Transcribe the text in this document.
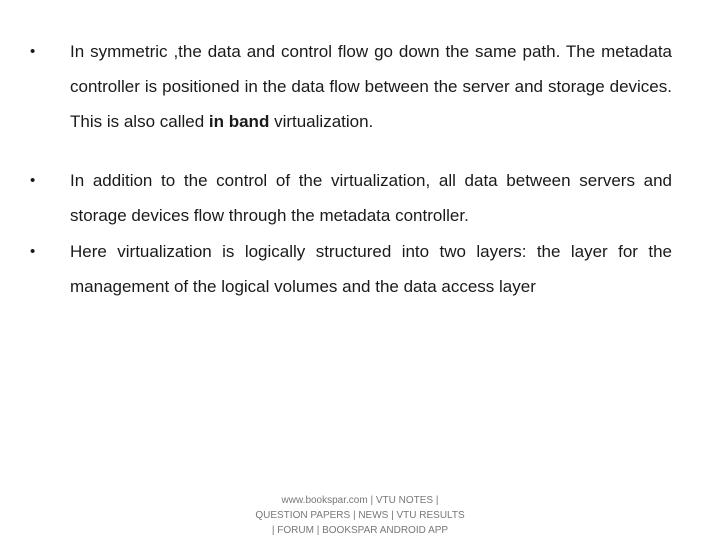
•	In symmetric ,the data and control flow go down the same path. The metadata controller is positioned in the data flow between the server and storage devices. This is also called in band virtualization.
•	In addition to the control of the virtualization, all data between servers and storage devices flow through the metadata controller.
•	Here virtualization is logically structured into two layers: the layer for the management of the logical volumes and the data access layer
www.bookspar.com | VTU NOTES |
QUESTION PAPERS | NEWS | VTU RESULTS
| FORUM | BOOKSPAR ANDROID APP
